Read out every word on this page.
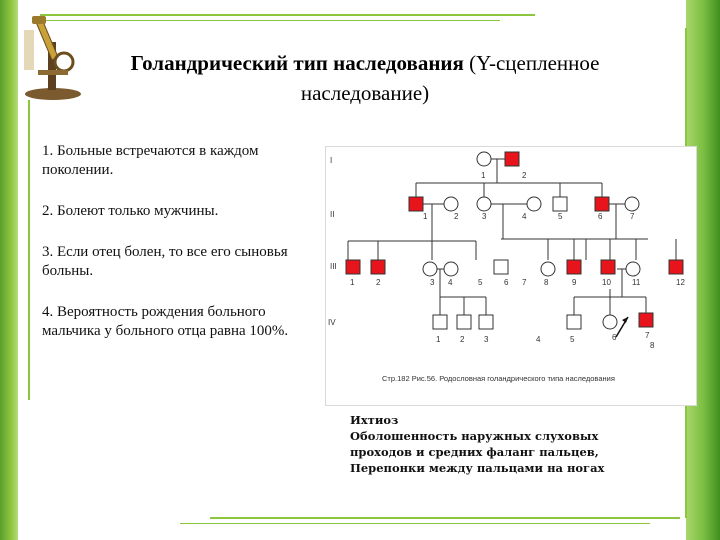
Голандрический тип наследования (Y-сцепленное наследование)
1. Больные встречаются в каждом поколении.
2. Болеют только мужчины.
3. Если отец болен, то все его сыновья больны.
4. Вероятность рождения больного мальчика у больного отца равна 100%.
I
II
III
IV
1	2
1	2	3	4	5	6	7
1	2	3 4	5	6 7 8	9	10	11	12
1 2 3	4	5	6	7
8
Стр.182 Рис.56. Родословная голандрического типа наследования
Ихтиоз
Оболошенность наружных слуховых
проходов и средних фаланг пальцев,
Перепонки между пальцами на ногах
